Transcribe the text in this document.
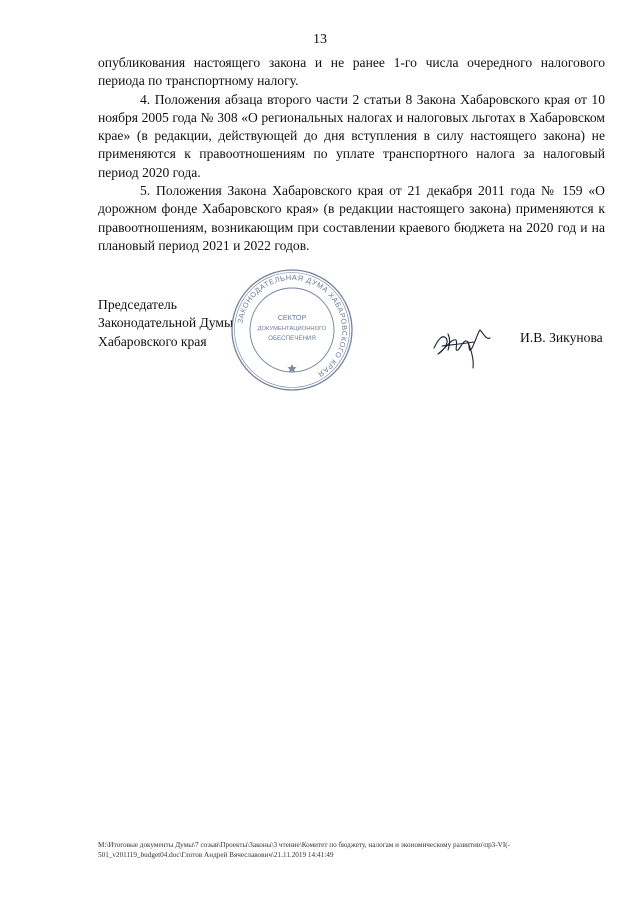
13

опубликования настоящего закона и не ранее 1-го числа очередного налогового периода по транспортному налогу.

4. Положения абзаца второго части 2 статьи 8 Закона Хабаровского края от 10 ноября 2005 года № 308 «О региональных налогах и налоговых льготах в Хабаровском крае» (в редакции, действующей до дня вступления в силу настоящего закона) не применяются к правоотношениям по уплате транспортного налога за налоговый период 2020 года.

5. Положения Закона Хабаровского края от 21 декабря 2011 года № 159 «О дорожном фонде Хабаровского края» (в редакции настоящего закона) применяются к правоотношениям, возникающим при составлении краевого бюджета на 2020 год и на плановый период 2021 и 2022 годов.

Председатель
Законодательной Думы
Хабаровского края
ЗАКОНОДАТЕЛЬНАЯ ДУМА ХАБАРОВСКОГО КРАЯ
СЕКТОР
ДОКУМЕНТАЦИОННОГО
ОБЕСПЕЧЕНИЯ	И.В. Зикунова
M:\Итоговые документы Думы\7 созыв\Проекты\Законы\3 чтение\Комитет по бюджету, налогам и экономическому развитию\пр3-VI(-
501_v201119_budget04.doc\Глотов Андрей Вячеславович\21.11.2019 14:41:49
